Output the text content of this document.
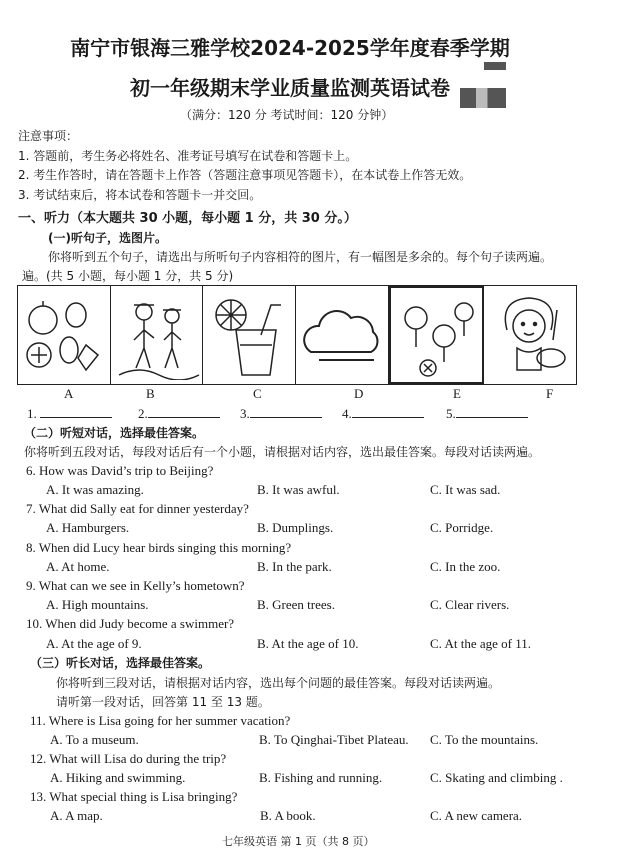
南宁市银海三雅学校2024-2025学年度春季学期
初一年级期末学业质量监测英语试卷
（满分：120 分 考试时间：120 分钟）
注意事项：
1. 答题前，考生务必将姓名、准考证号填写在试卷和答题卡上。
2. 考生作答时，请在答题卡上作答（答题注意事项见答题卡），在本试卷上作答无效。
3. 考试结束后，将本试卷和答题卡一并交回。
一、听力（本大题共 30 小题，每小题 1 分，共 30 分。）
(一)听句子，选图片。
你将听到五个句子，请选出与所听句子内容相符的图片，有一幅图是多余的。每个句子读两遍。
遍。(共 5 小题，每小题 1 分，共 5 分)
A	B	C	D	E	F
1.	2.	3.	4.	5.
（二）听短对话，选择最佳答案。
你将听到五段对话，每段对话后有一个小题，请根据对话内容，选出最佳答案。每段对话读两遍。
6. How was David’s trip to Beijing?
A. It was amazing.	B. It was awful.	C. It was sad.
7. What did Sally eat for dinner yesterday?
A. Hamburgers.	B. Dumplings.	C. Porridge.
8. When did Lucy hear birds singing this morning?
A. At home.	B. In the park.	C. In the zoo.
9. What can we see in Kelly’s hometown?
A. High mountains.	B. Green trees.	C. Clear rivers.
10. When did Judy become a swimmer?
A. At the age of 9.	B. At the age of 10.	C. At the age of 11.
（三）听长对话，选择最佳答案。
你将听到三段对话，请根据对话内容，选出每个问题的最佳答案。每段对话读两遍。
请听第一段对话，回答第 11 至 13 题。
11. Where is Lisa going for her summer vacation?
A. To a museum.	B. To Qinghai-Tibet Plateau. C. To the mountains.
12. What will Lisa do during the trip?
A. Hiking and swimming.	B. Fishing and running.	C. Skating and climbing .
13. What special thing is Lisa bringing?
A. A map.	B. A book.	C. A new camera.
七年级英语 第 1 页（共 8 页）
